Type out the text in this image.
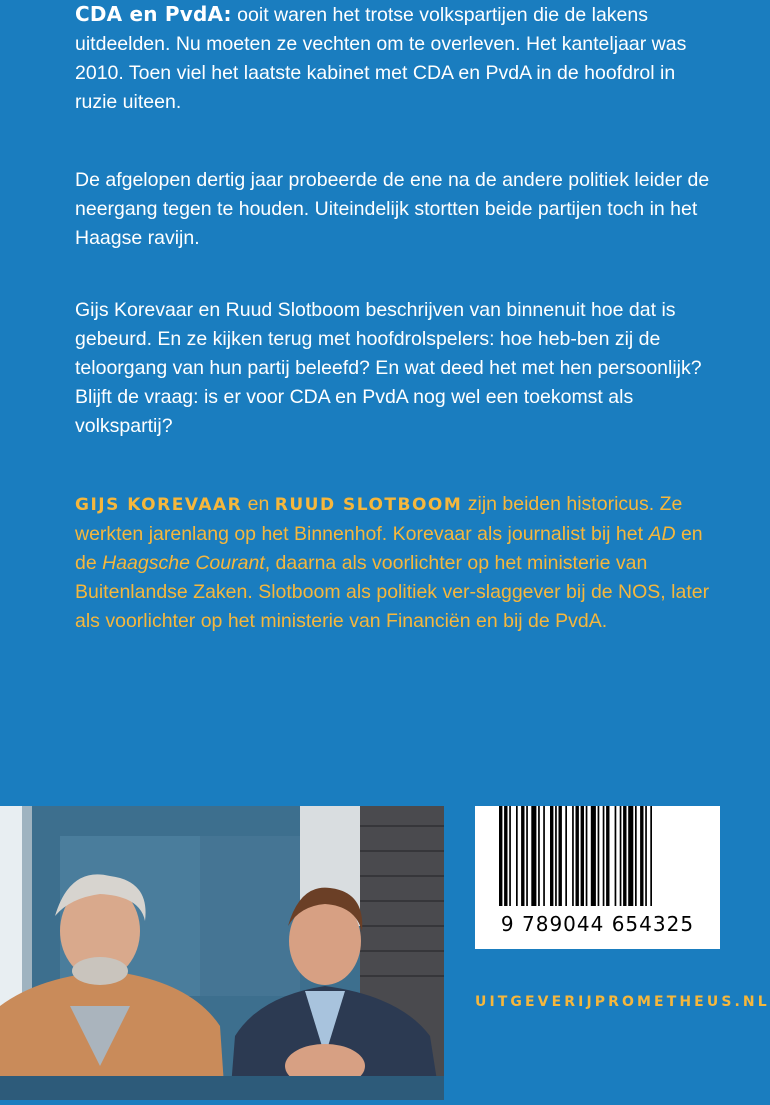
CDA en PvdA: ooit waren het trotse volkspartijen die de lakens uitdeelden. Nu moeten ze vechten om te overleven. Het kanteljaar was 2010. Toen viel het laatste kabinet met CDA en PvdA in de hoofdrol in ruzie uiteen.

De afgelopen dertig jaar probeerde de ene na de andere politiek leider de neergang tegen te houden. Uiteindelijk stortten beide partijen toch in het Haagse ravijn.

Gijs Korevaar en Ruud Slotboom beschrijven van binnenuit hoe dat is gebeurd. En ze kijken terug met hoofdrolspelers: hoe heb-ben zij de teloorgang van hun partij beleefd? En wat deed het met hen persoonlijk? Blijft de vraag: is er voor CDA en PvdA nog wel een toekomst als volkspartij?

GIJS KOREVAAR en RUUD SLOTBOOM zijn beiden historicus. Ze werkten jarenlang op het Binnenhof. Korevaar als journalist bij het AD en de Haagsche Courant, daarna als voorlichter op het ministerie van Buitenlandse Zaken. Slotboom als politiek ver-slaggever bij de NOS, later als voorlichter op het ministerie van Financiën en bij de PvdA.

9 789044 654325
UITGEVERIJPROMETHEUS.NL
